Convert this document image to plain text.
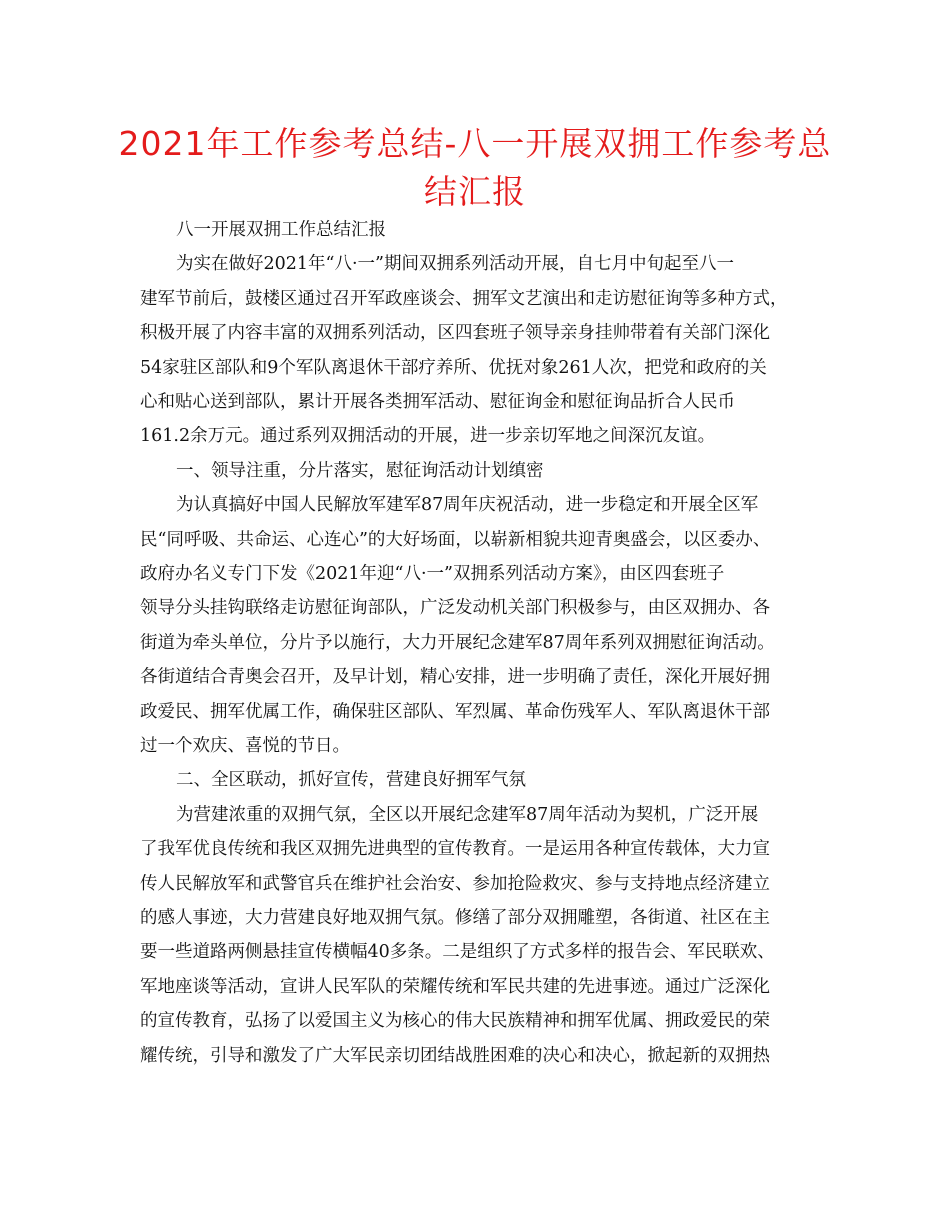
2021年工作参考总结-八一开展双拥工作参考总
结汇报
八一开展双拥工作总结汇报
为实在做好2021年“八·一”期间双拥系列活动开展，自七月中旬起至八一
建军节前后，鼓楼区通过召开军政座谈会、拥军文艺演出和走访慰征询等多种方式，
积极开展了内容丰富的双拥系列活动，区四套班子领导亲身挂帅带着有关部门深化
54家驻区部队和9个军队离退休干部疗养所、优抚对象261人次，把党和政府的关
心和贴心送到部队，累计开展各类拥军活动、慰征询金和慰征询品折合人民币
161.2余万元。通过系列双拥活动的开展，进一步亲切军地之间深沉友谊。
一、领导注重，分片落实，慰征询活动计划缜密
为认真搞好中国人民解放军建军87周年庆祝活动，进一步稳定和开展全区军
民“同呼吸、共命运、心连心”的大好场面，以崭新相貌共迎青奥盛会，以区委办、
政府办名义专门下发《2021年迎“八·一”双拥系列活动方案》，由区四套班子
领导分头挂钩联络走访慰征询部队，广泛发动机关部门积极参与，由区双拥办、各
街道为牵头单位，分片予以施行，大力开展纪念建军87周年系列双拥慰征询活动。
各街道结合青奥会召开，及早计划，精心安排，进一步明确了责任，深化开展好拥
政爱民、拥军优属工作，确保驻区部队、军烈属、革命伤残军人、军队离退休干部
过一个欢庆、喜悦的节日。
二、全区联动，抓好宣传，营建良好拥军气氛
为营建浓重的双拥气氛，全区以开展纪念建军87周年活动为契机，广泛开展
了我军优良传统和我区双拥先进典型的宣传教育。一是运用各种宣传载体，大力宣
传人民解放军和武警官兵在维护社会治安、参加抢险救灾、参与支持地点经济建立
的感人事迹，大力营建良好地双拥气氛。修缮了部分双拥雕塑，各街道、社区在主
要一些道路两侧悬挂宣传横幅40多条。二是组织了方式多样的报告会、军民联欢、
军地座谈等活动，宣讲人民军队的荣耀传统和军民共建的先进事迹。通过广泛深化
的宣传教育，弘扬了以爱国主义为核心的伟大民族精神和拥军优属、拥政爱民的荣
耀传统，引导和激发了广大军民亲切团结战胜困难的决心和决心，掀起新的双拥热
